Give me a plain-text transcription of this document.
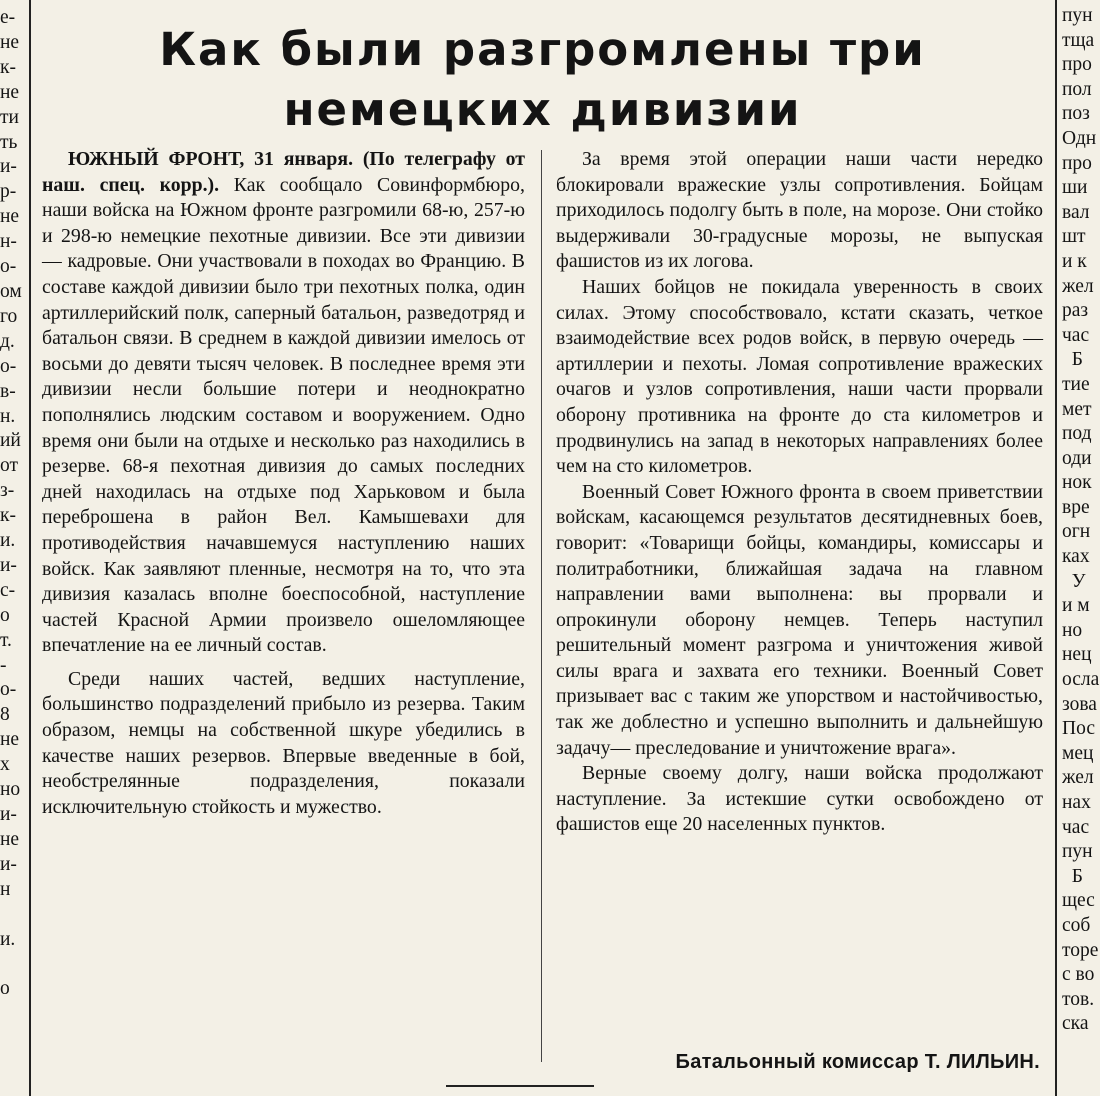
е-
не
к-
не
ти
ть
и-
р-
не
н-
о-
ом
го
д.
о-
в-
н.
ий
от
з-
к-
и.
и-
с-
о
т.
-
о-
8
не
х
но
и-
не
и-
н

и.

о
Как были разгромлены три немецких дивизии

ЮЖНЫЙ ФРОНТ, 31 января. (По телеграфу от наш. спец. корр.). Как сообщало Совинформбюро, наши войска на Южном фронте разгромили 68-ю, 257-ю и 298-ю немецкие пехотные дивизии. Все эти дивизии — кадровые. Они участвовали в походах во Францию. В составе каждой дивизии было три пехотных полка, один артиллерийский полк, саперный батальон, разведотряд и батальон связи. В среднем в каждой дивизии имелось от восьми до девяти тысяч человек. В последнее время эти дивизии несли большие потери и неоднократно пополнялись людским составом и вооружением. Одно время они были на отдыхе и несколько раз находились в резерве. 68-я пехотная дивизия до самых последних дней находилась на отдыхе под Харьковом и была переброшена в район Вел. Камышевахи для противодействия начавшемуся наступлению наших войск. Как заявляют пленные, несмотря на то, что эта дивизия казалась вполне боеспособной, наступление частей Красной Армии произвело ошеломляющее впечатление на ее личный состав.

Среди наших частей, ведших наступление, большинство подразделений прибыло из резерва. Таким образом, немцы на собственной шкуре убедились в качестве наших резервов. Впервые введенные в бой, необстрелянные подразделения, показали исключительную стойкость и мужество.

За время этой операции наши части нередко блокировали вражеские узлы сопротивления. Бойцам приходилось подолгу быть в поле, на морозе. Они стойко выдерживали 30-градусные морозы, не выпуская фашистов из их логова.

Наших бойцов не покидала уверенность в своих силах. Этому способствовало, кстати сказать, четкое взаимодействие всех родов войск, в первую очередь — артиллерии и пехоты. Ломая сопротивление вражеских очагов и узлов сопротивления, наши части прорвали оборону противника на фронте до ста километров и продвинулись на запад в некоторых направлениях более чем на сто километров.

Военный Совет Южного фронта в своем приветствии войскам, касающемся результатов десятидневных боев, говорит: «Товарищи бойцы, командиры, комиссары и политработники, ближайшая задача на главном направлении вами выполнена: вы прорвали и опрокинули оборону немцев. Теперь наступил решительный момент разгрома и уничтожения живой силы врага и захвата его техники. Военный Совет призывает вас с таким же упорством и настойчивостью, так же доблестно и успешно выполнить и дальнейшую задачу— преследование и уничтожение врага».

Верные своему долгу, наши войска продолжают наступление. За истекшие сутки освобождено от фашистов еще 20 населенных пунктов.

Батальонный комиссар Т. ЛИЛЬИН.

пун
тща
про
пол
поз
Одн
про
ши
вал
шт
и к
жел
раз
час
Б
тие
мет
под
оди
нок
вре
огн
ках
У
и м
но
нец
осла
зова
Пос
мец
жел
нах
час
пун
Б
щес
соб
торе
с во
тов.
ска
